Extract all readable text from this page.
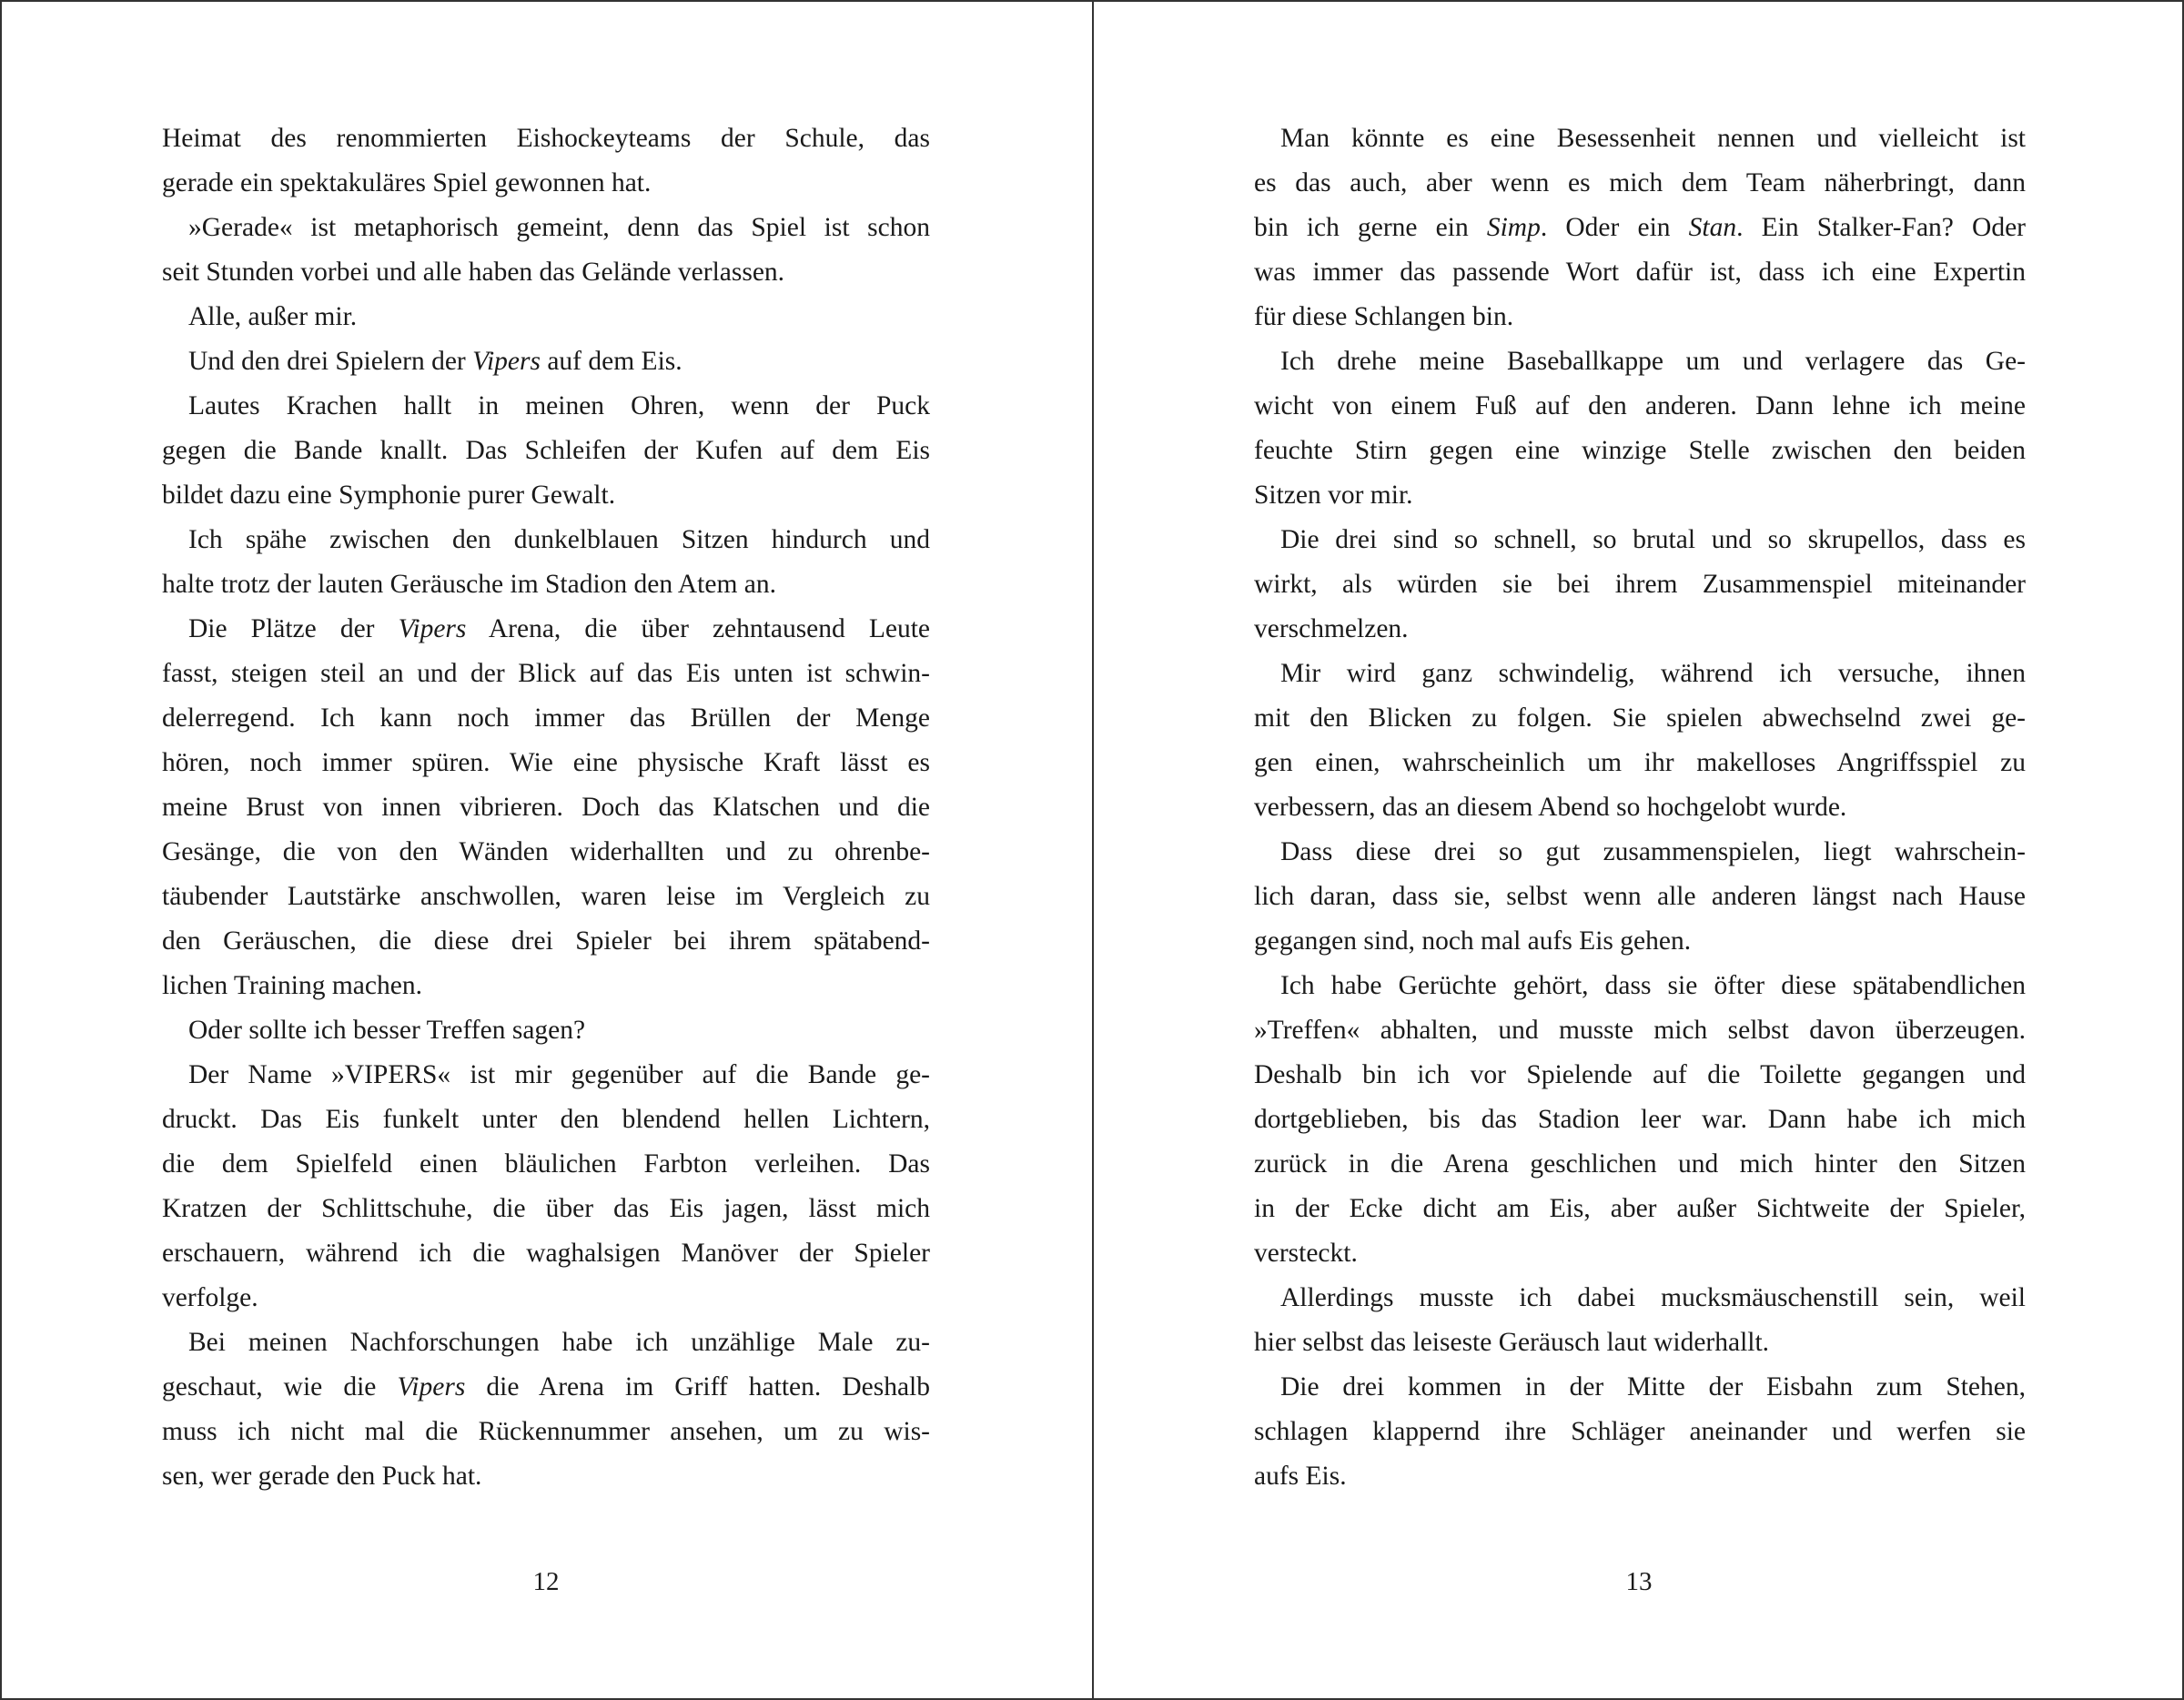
Heimat des renommierten Eishockeyteams der Schule, das
gerade ein spektakuläres Spiel gewonnen hat.
»Gerade« ist metaphorisch gemeint, denn das Spiel ist schon
seit Stunden vorbei und alle haben das Gelände verlassen.
Alle, außer mir.
Und den drei Spielern der Vipers auf dem Eis.
Lautes Krachen hallt in meinen Ohren, wenn der Puck
gegen die Bande knallt. Das Schleifen der Kufen auf dem Eis
bildet dazu eine Symphonie purer Gewalt.
Ich spähe zwischen den dunkelblauen Sitzen hindurch und
halte trotz der lauten Geräusche im Stadion den Atem an.
Die Plätze der Vipers Arena, die über zehntausend Leute
fasst, steigen steil an und der Blick auf das Eis unten ist schwin-
delerregend. Ich kann noch immer das Brüllen der Menge
hören, noch immer spüren. Wie eine physische Kraft lässt es
meine Brust von innen vibrieren. Doch das Klatschen und die
Gesänge, die von den Wänden widerhallten und zu ohrenbe-
täubender Lautstärke anschwollen, waren leise im Vergleich zu
den Geräuschen, die diese drei Spieler bei ihrem spätabend-
lichen Training machen.
Oder sollte ich besser Treffen sagen?
Der Name »VIPERS« ist mir gegenüber auf die Bande ge-
druckt. Das Eis funkelt unter den blendend hellen Lichtern,
die dem Spielfeld einen bläulichen Farbton verleihen. Das
Kratzen der Schlittschuhe, die über das Eis jagen, lässt mich
erschauern, während ich die waghalsigen Manöver der Spieler
verfolge.
Bei meinen Nachforschungen habe ich unzählige Male zu-
geschaut, wie die Vipers die Arena im Griff hatten. Deshalb
muss ich nicht mal die Rückennummer ansehen, um zu wis-
sen, wer gerade den Puck hat.
12
Man könnte es eine Besessenheit nennen und vielleicht ist
es das auch, aber wenn es mich dem Team näherbringt, dann
bin ich gerne ein Simp. Oder ein Stan. Ein Stalker-Fan? Oder
was immer das passende Wort dafür ist, dass ich eine Expertin
für diese Schlangen bin.
Ich drehe meine Baseballkappe um und verlagere das Ge-
wicht von einem Fuß auf den anderen. Dann lehne ich meine
feuchte Stirn gegen eine winzige Stelle zwischen den beiden
Sitzen vor mir.
Die drei sind so schnell, so brutal und so skrupellos, dass es
wirkt, als würden sie bei ihrem Zusammenspiel miteinander
verschmelzen.
Mir wird ganz schwindelig, während ich versuche, ihnen
mit den Blicken zu folgen. Sie spielen abwechselnd zwei ge-
gen einen, wahrscheinlich um ihr makelloses Angriffsspiel zu
verbessern, das an diesem Abend so hochgelobt wurde.
Dass diese drei so gut zusammenspielen, liegt wahrschein-
lich daran, dass sie, selbst wenn alle anderen längst nach Hause
gegangen sind, noch mal aufs Eis gehen.
Ich habe Gerüchte gehört, dass sie öfter diese spätabendlichen
»Treffen« abhalten, und musste mich selbst davon überzeugen.
Deshalb bin ich vor Spielende auf die Toilette gegangen und
dortgeblieben, bis das Stadion leer war. Dann habe ich mich
zurück in die Arena geschlichen und mich hinter den Sitzen
in der Ecke dicht am Eis, aber außer Sichtweite der Spieler,
versteckt.
Allerdings musste ich dabei mucksmäuschenstill sein, weil
hier selbst das leiseste Geräusch laut widerhallt.
Die drei kommen in der Mitte der Eisbahn zum Stehen,
schlagen klappernd ihre Schläger aneinander und werfen sie
aufs Eis.
13
